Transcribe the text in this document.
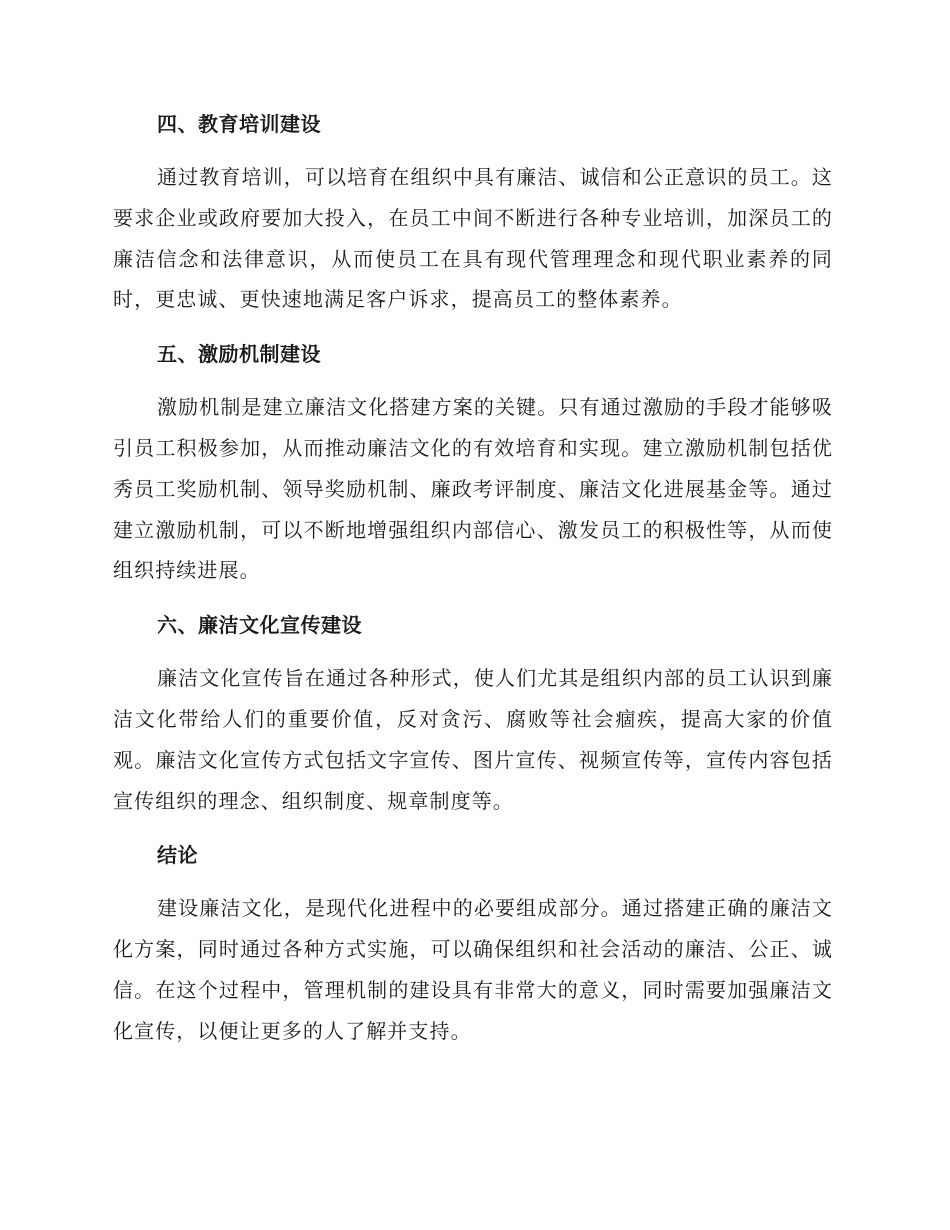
四、教育培训建设

通过教育培训，可以培育在组织中具有廉洁、诚信和公正意识的员工。这要求企业或政府要加大投入，在员工中间不断进行各种专业培训，加深员工的廉洁信念和法律意识，从而使员工在具有现代管理理念和现代职业素养的同时，更忠诚、更快速地满足客户诉求，提高员工的整体素养。

五、激励机制建设

激励机制是建立廉洁文化搭建方案的关键。只有通过激励的手段才能够吸引员工积极参加，从而推动廉洁文化的有效培育和实现。建立激励机制包括优秀员工奖励机制、领导奖励机制、廉政考评制度、廉洁文化进展基金等。通过建立激励机制，可以不断地增强组织内部信心、激发员工的积极性等，从而使组织持续进展。

六、廉洁文化宣传建设

廉洁文化宣传旨在通过各种形式，使人们尤其是组织内部的员工认识到廉洁文化带给人们的重要价值，反对贪污、腐败等社会痼疾，提高大家的价值观。廉洁文化宣传方式包括文字宣传、图片宣传、视频宣传等，宣传内容包括宣传组织的理念、组织制度、规章制度等。

结论

建设廉洁文化，是现代化进程中的必要组成部分。通过搭建正确的廉洁文化方案，同时通过各种方式实施，可以确保组织和社会活动的廉洁、公正、诚信。在这个过程中，管理机制的建设具有非常大的意义，同时需要加强廉洁文化宣传，以便让更多的人了解并支持。
